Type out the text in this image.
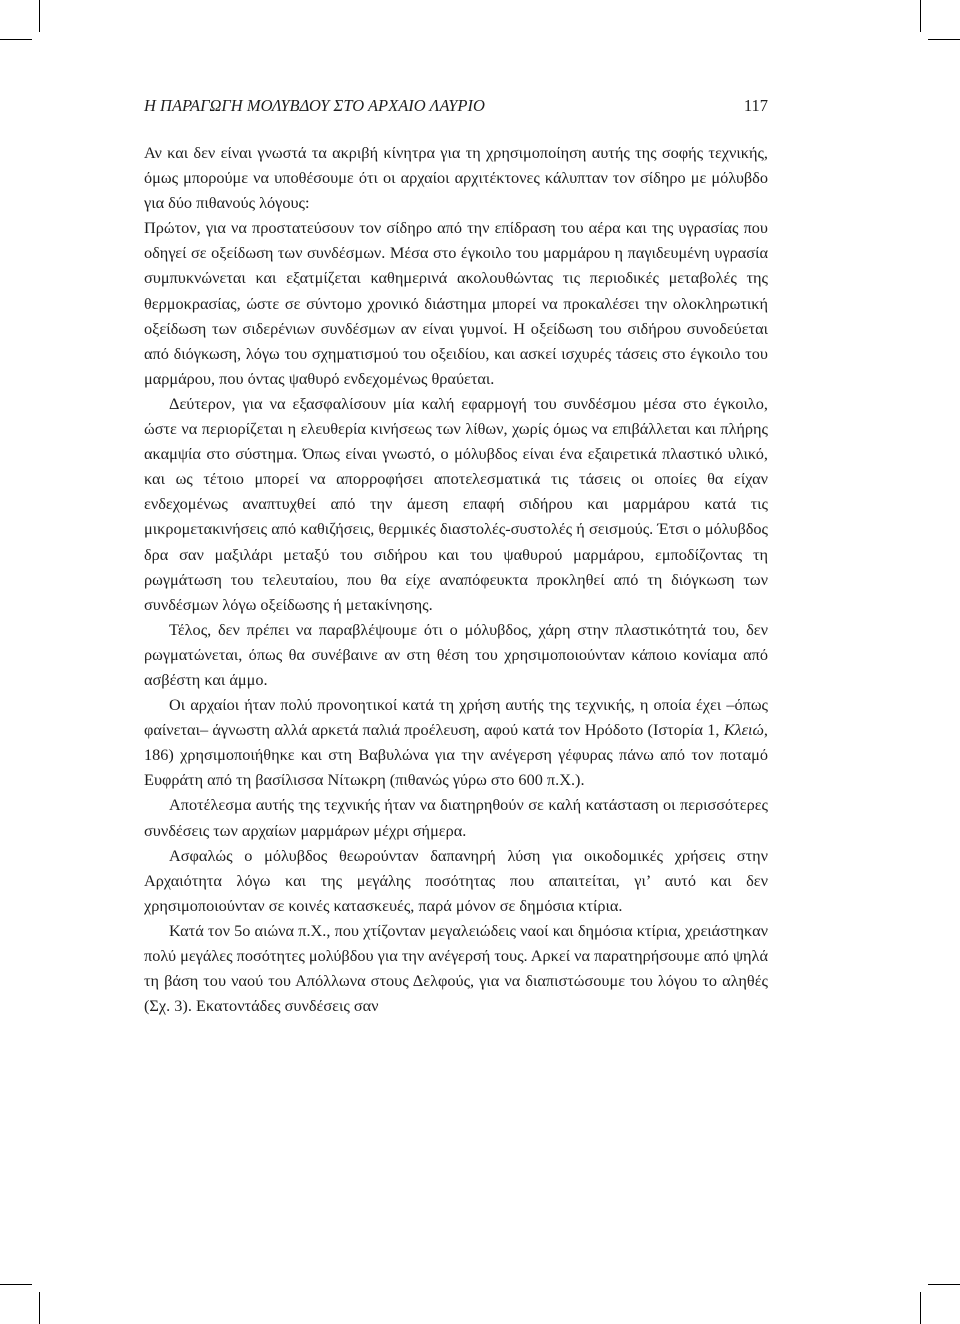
Η ΠΑΡΑΓΩΓΗ ΜΟΛΥΒΔΟΥ ΣΤΟ ΑΡΧΑΙΟ ΛΑΥΡΙΟ	117

Αν και δεν είναι γνωστά τα ακριβή κίνητρα για τη χρησιμοποίηση αυτής της σοφής τεχνικής, όμως μπορούμε να υποθέσουμε ότι οι αρχαίοι αρχιτέκτονες κάλυπταν τον σίδηρο με μόλυβδο για δύο πιθανούς λόγους:

Πρώτον, για να προστατεύσουν τον σίδηρο από την επίδραση του αέρα και της υγρασίας που οδηγεί σε οξείδωση των συνδέσμων. Μέσα στο έγκοιλο του μαρμάρου η παγιδευμένη υγρασία συμπυκνώνεται και εξατμίζεται καθημερινά ακολουθώντας τις περιοδικές μεταβολές της θερμοκρασίας, ώστε σε σύντομο χρονικό διάστημα μπορεί να προκαλέσει την ολοκληρωτική οξείδωση των σιδερένιων συνδέσμων αν είναι γυμνοί. Η οξείδωση του σιδήρου συνοδεύεται από διόγκωση, λόγω του σχηματισμού του οξειδίου, και ασκεί ισχυρές τάσεις στο έγκοιλο του μαρμάρου, που όντας ψαθυρό ενδεχομένως θραύεται.

Δεύτερον, για να εξασφαλίσουν μία καλή εφαρμογή του συνδέσμου μέσα στο έγκοιλο, ώστε να περιορίζεται η ελευθερία κινήσεως των λίθων, χωρίς όμως να επιβάλλεται και πλήρης ακαμψία στο σύστημα. Όπως είναι γνωστό, ο μόλυβδος είναι ένα εξαιρετικά πλαστικό υλικό, και ως τέτοιο μπορεί να απορροφήσει αποτελεσματικά τις τάσεις οι οποίες θα είχαν ενδεχομένως αναπτυχθεί από την άμεση επαφή σιδήρου και μαρμάρου κατά τις μικρομετακινήσεις από καθιζήσεις, θερμικές διαστολές-συστολές ή σεισμούς. Έτσι ο μόλυβδος δρα σαν μαξιλάρι μεταξύ του σιδήρου και του ψαθυρού μαρμάρου, εμποδίζοντας τη ρωγμάτωση του τελευταίου, που θα είχε αναπόφευκτα προκληθεί από τη διόγκωση των συνδέσμων λόγω οξείδωσης ή μετακίνησης.

Τέλος, δεν πρέπει να παραβλέψουμε ότι ο μόλυβδος, χάρη στην πλαστικότητά του, δεν ρωγματώνεται, όπως θα συνέβαινε αν στη θέση του χρησιμοποιούνταν κάποιο κονίαμα από ασβέστη και άμμο.

Οι αρχαίοι ήταν πολύ προνοητικοί κατά τη χρήση αυτής της τεχνικής, η οποία έχει –όπως φαίνεται– άγνωστη αλλά αρκετά παλιά προέλευση, αφού κατά τον Ηρόδοτο (Ιστορία 1, Κλειώ, 186) χρησιμοποιήθηκε και στη Βαβυλώνα για την ανέγερση γέφυρας πάνω από τον ποταμό Ευφράτη από τη βασίλισσα Νίτωκρη (πιθανώς γύρω στο 600 π.Χ.).

Αποτέλεσμα αυτής της τεχνικής ήταν να διατηρηθούν σε καλή κατάσταση οι περισσότερες συνδέσεις των αρχαίων μαρμάρων μέχρι σήμερα.

Ασφαλώς ο μόλυβδος θεωρούνταν δαπανηρή λύση για οικοδομικές χρήσεις στην Αρχαιότητα λόγω και της μεγάλης ποσότητας που απαιτείται, γι’ αυτό και δεν χρησιμοποιούνταν σε κοινές κατασκευές, παρά μόνον σε δημόσια κτίρια.

Κατά τον 5ο αιώνα π.Χ., που χτίζονταν μεγαλειώδεις ναοί και δημόσια κτίρια, χρειάστηκαν πολύ μεγάλες ποσότητες μολύβδου για την ανέγερσή τους. Αρκεί να παρατηρήσουμε από ψηλά τη βάση του ναού του Απόλλωνα στους Δελφούς, για να διαπιστώσουμε του λόγου το αληθές (Σχ. 3). Εκατοντάδες συνδέσεις σαν
